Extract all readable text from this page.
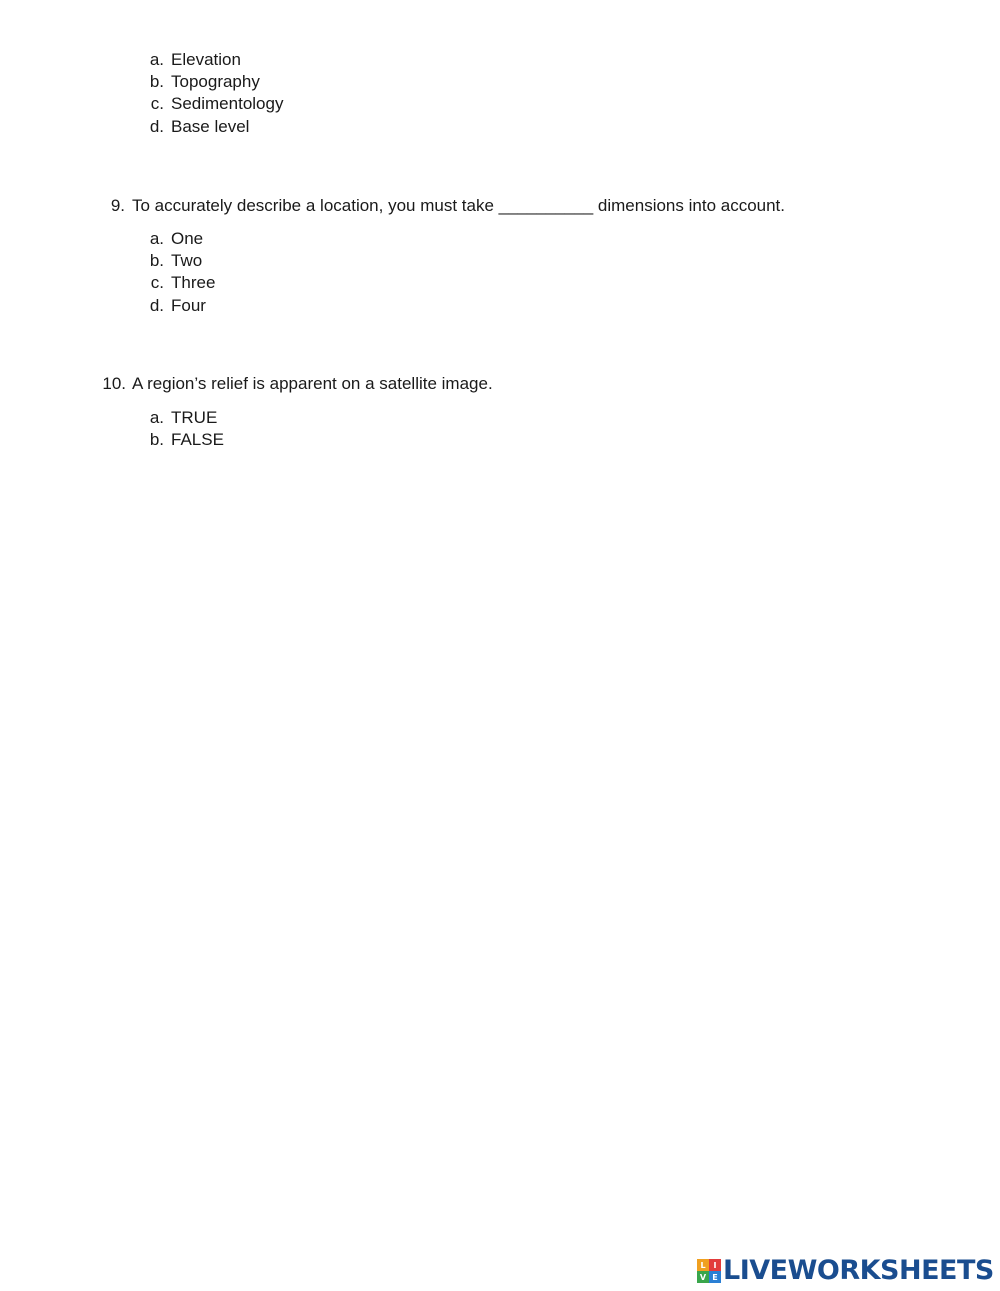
a. Elevation
b. Topography
c. Sedimentology
d. Base level
9. To accurately describe a location, you must take __________ dimensions into account.
a. One
b. Two
c. Three
d. Four
10. A region’s relief is apparent on a satellite image.
a. TRUE
b. FALSE
L I
V E LIVEWORKSHEETS
